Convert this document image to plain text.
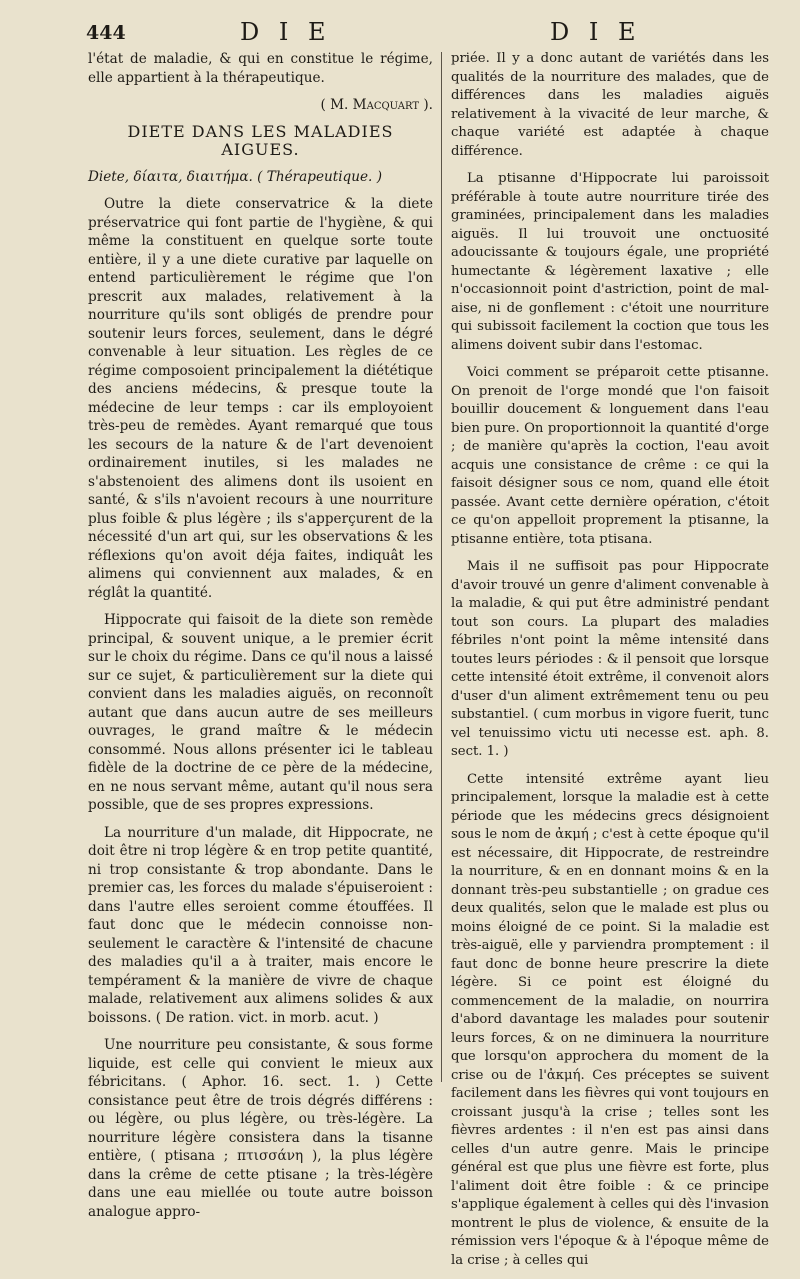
444	D I E	D I E

l'état de maladie, & qui en constitue le régime, elle appartient à la thérapeutique.

( M. Macquart ).
DIETE DANS LES MALADIES AIGUES.

Diete, δίαιτα, διαιτήμα. ( Thérapeutique. )

Outre la diete conservatrice & la diete préservatrice qui font partie de l'hygiène, & qui même la constituent en quelque sorte toute entière, il y a une diete curative par laquelle on entend particulièrement le régime que l'on prescrit aux malades, relativement à la nourriture qu'ils sont obligés de prendre pour soutenir leurs forces, seulement, dans le dégré convenable à leur situation. Les règles de ce régime composoient principalement la diététique des anciens médecins, & presque toute la médecine de leur temps : car ils employoient très-peu de remèdes. Ayant remarqué que tous les secours de la nature & de l'art devenoient ordinairement inutiles, si les malades ne s'abstenoient des alimens dont ils usoient en santé, & s'ils n'avoient recours à une nourriture plus foible & plus légère ; ils s'apperçurent de la nécessité d'un art qui, sur les observations & les réflexions qu'on avoit déja faites, indiquât les alimens qui conviennent aux malades, & en réglât la quantité.

Hippocrate qui faisoit de la diete son remède principal, & souvent unique, a le premier écrit sur le choix du régime. Dans ce qu'il nous a laissé sur ce sujet, & particulièrement sur la diete qui convient dans les maladies aiguës, on reconnoît autant que dans aucun autre de ses meilleurs ouvrages, le grand maître & le médecin consommé. Nous allons présenter ici le tableau fidèle de la doctrine de ce père de la médecine, en ne nous servant même, autant qu'il nous sera possible, que de ses propres expressions.

La nourriture d'un malade, dit Hippocrate, ne doit être ni trop légère & en trop petite quantité, ni trop consistante & trop abondante. Dans le premier cas, les forces du malade s'épuiseroient : dans l'autre elles seroient comme étouffées. Il faut donc que le médecin connoisse non-seulement le caractère & l'intensité de chacune des maladies qu'il a à traiter, mais encore le tempérament & la manière de vivre de chaque malade, relativement aux alimens solides & aux boissons. ( De ration. vict. in morb. acut. )

Une nourriture peu consistante, & sous forme liquide, est celle qui convient le mieux aux fébricitans. ( Aphor. 16. sect. 1. ) Cette consistance peut être de trois dégrés différens : ou légère, ou plus légère, ou très-légère. La nourriture légère consistera dans la tisanne entière, ( ptisana ; πτισσάνη ), la plus légère dans la crême de cette ptisane ; la très-légère dans une eau miellée ou toute autre boisson analogue appro-

priée. Il y a donc autant de variétés dans les qualités de la nourriture des malades, que de différences dans les maladies aiguës relativement à la vivacité de leur marche, & chaque variété est adaptée à chaque différence.

La ptisanne d'Hippocrate lui paroissoit préférable à toute autre nourriture tirée des graminées, principalement dans les maladies aiguës. Il lui trouvoit une onctuosité adoucissante & toujours égale, une propriété humectante & légèrement laxative ; elle n'occasionnoit point d'astriction, point de mal-aise, ni de gonflement : c'étoit une nourriture qui subissoit facilement la coction que tous les alimens doivent subir dans l'estomac.

Voici comment se préparoit cette ptisanne. On prenoit de l'orge mondé que l'on faisoit bouillir doucement & longuement dans l'eau bien pure. On proportionnoit la quantité d'orge ; de manière qu'après la coction, l'eau avoit acquis une consistance de crême : ce qui la faisoit désigner sous ce nom, quand elle étoit passée. Avant cette dernière opération, c'étoit ce qu'on appelloit proprement la ptisanne, la ptisanne entière, tota ptisana.

Mais il ne suffisoit pas pour Hippocrate d'avoir trouvé un genre d'aliment convenable à la maladie, & qui put être administré pendant tout son cours. La plupart des maladies fébriles n'ont point la même intensité dans toutes leurs périodes : & il pensoit que lorsque cette intensité étoit extrême, il convenoit alors d'user d'un aliment extrêmement tenu ou peu substantiel. ( cum morbus in vigore fuerit, tunc vel tenuissimo victu uti necesse est. aph. 8. sect. 1. )

Cette intensité extrême ayant lieu principalement, lorsque la maladie est à cette période que les médecins grecs désignoient sous le nom de ἀκμή ; c'est à cette époque qu'il est nécessaire, dit Hippocrate, de restreindre la nourriture, & en en donnant moins & en la donnant très-peu substantielle ; on gradue ces deux qualités, selon que le malade est plus ou moins éloigné de ce point. Si la maladie est très-aiguë, elle y parviendra promptement : il faut donc de bonne heure prescrire la diete légère. Si ce point est éloigné du commencement de la maladie, on nourrira d'abord davantage les malades pour soutenir leurs forces, & on ne diminuera la nourriture que lorsqu'on approchera du moment de la crise ou de l'ἀκμή. Ces préceptes se suivent facilement dans les fièvres qui vont toujours en croissant jusqu'à la crise ; telles sont les fièvres ardentes : il n'en est pas ainsi dans celles d'un autre genre. Mais le principe général est que plus une fièvre est forte, plus l'aliment doit être foible : & ce principe s'applique également à celles qui dès l'invasion montrent le plus de violence, & ensuite de la rémission vers l'époque & à l'époque même de la crise ; à celles qui
